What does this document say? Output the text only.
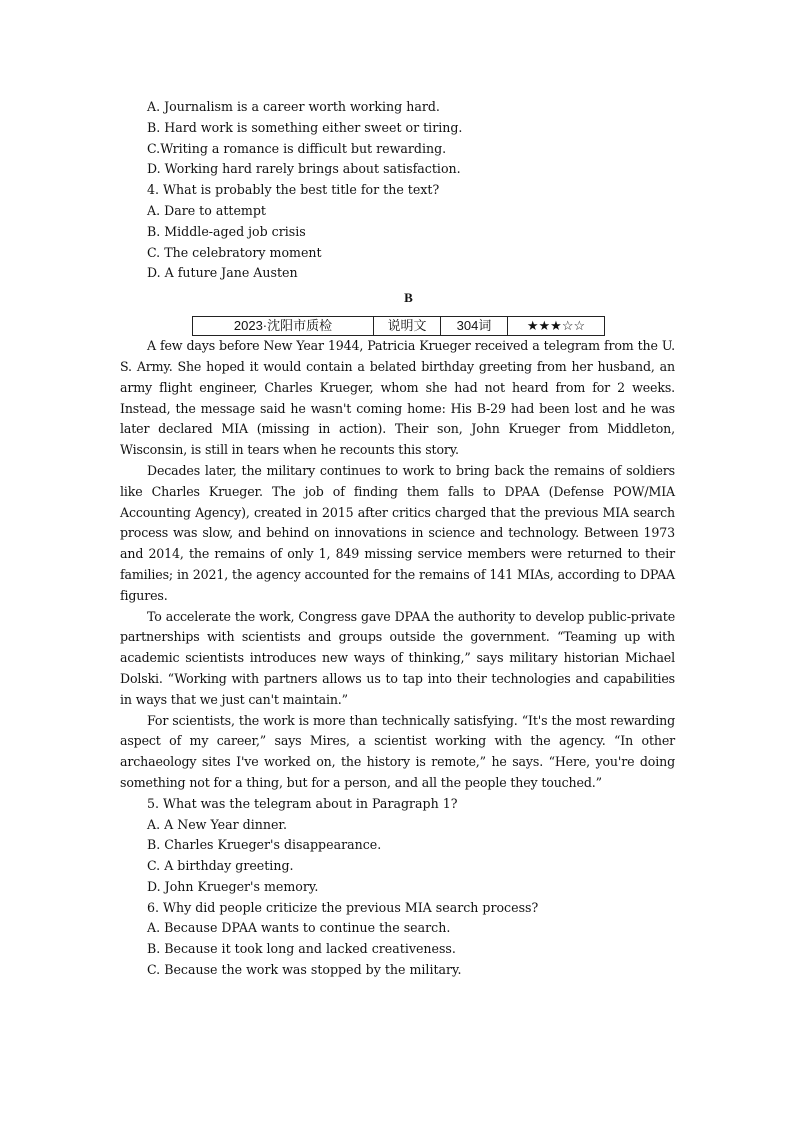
A. Journalism is a career worth working hard.
B. Hard work is something either sweet or tiring.
C.Writing a romance is difficult but rewarding.
D. Working hard rarely brings about satisfaction.
4. What is probably the best title for the text?
A. Dare to attempt
B. Middle-aged job crisis
C. The celebratory moment
D. A future Jane Austen
B
2023·沈阳市质检	说明文	304词	★★★☆☆
A few days before New Year 1944, Patricia Krueger received a telegram from the U. S. Army. She hoped it would contain a belated birthday greeting from her husband, an army flight engineer, Charles Krueger, whom she had not heard from for 2 weeks. Instead, the message said he wasn't coming home: His B-29 had been lost and he was later declared MIA (missing in action). Their son, John Krueger from Middleton, Wisconsin, is still in tears when he recounts this story.
Decades later, the military continues to work to bring back the remains of soldiers like Charles Krueger. The job of finding them falls to DPAA (Defense POW/MIA Accounting Agency), created in 2015 after critics charged that the previous MIA search process was slow, and behind on innovations in science and technology. Between 1973 and 2014, the remains of only 1, 849 missing service members were returned to their families; in 2021, the agency accounted for the remains of 141 MIAs, according to DPAA figures.
To accelerate the work, Congress gave DPAA the authority to develop public-private partnerships with scientists and groups outside the government. “Teaming up with academic scientists introduces new ways of thinking,” says military historian Michael Dolski. “Working with partners allows us to tap into their technologies and capabilities in ways that we just can't maintain.”
For scientists, the work is more than technically satisfying. “It's the most rewarding aspect of my career,” says Mires, a scientist working with the agency. “In other archaeology sites I've worked on, the history is remote,” he says. “Here, you're doing something not for a thing, but for a person, and all the people they touched.”
5. What was the telegram about in Paragraph 1?
A. A New Year dinner.
B. Charles Krueger's disappearance.
C. A birthday greeting.
D. John Krueger's memory.
6. Why did people criticize the previous MIA search process?
A. Because DPAA wants to continue the search.
B. Because it took long and lacked creativeness.
C. Because the work was stopped by the military.
